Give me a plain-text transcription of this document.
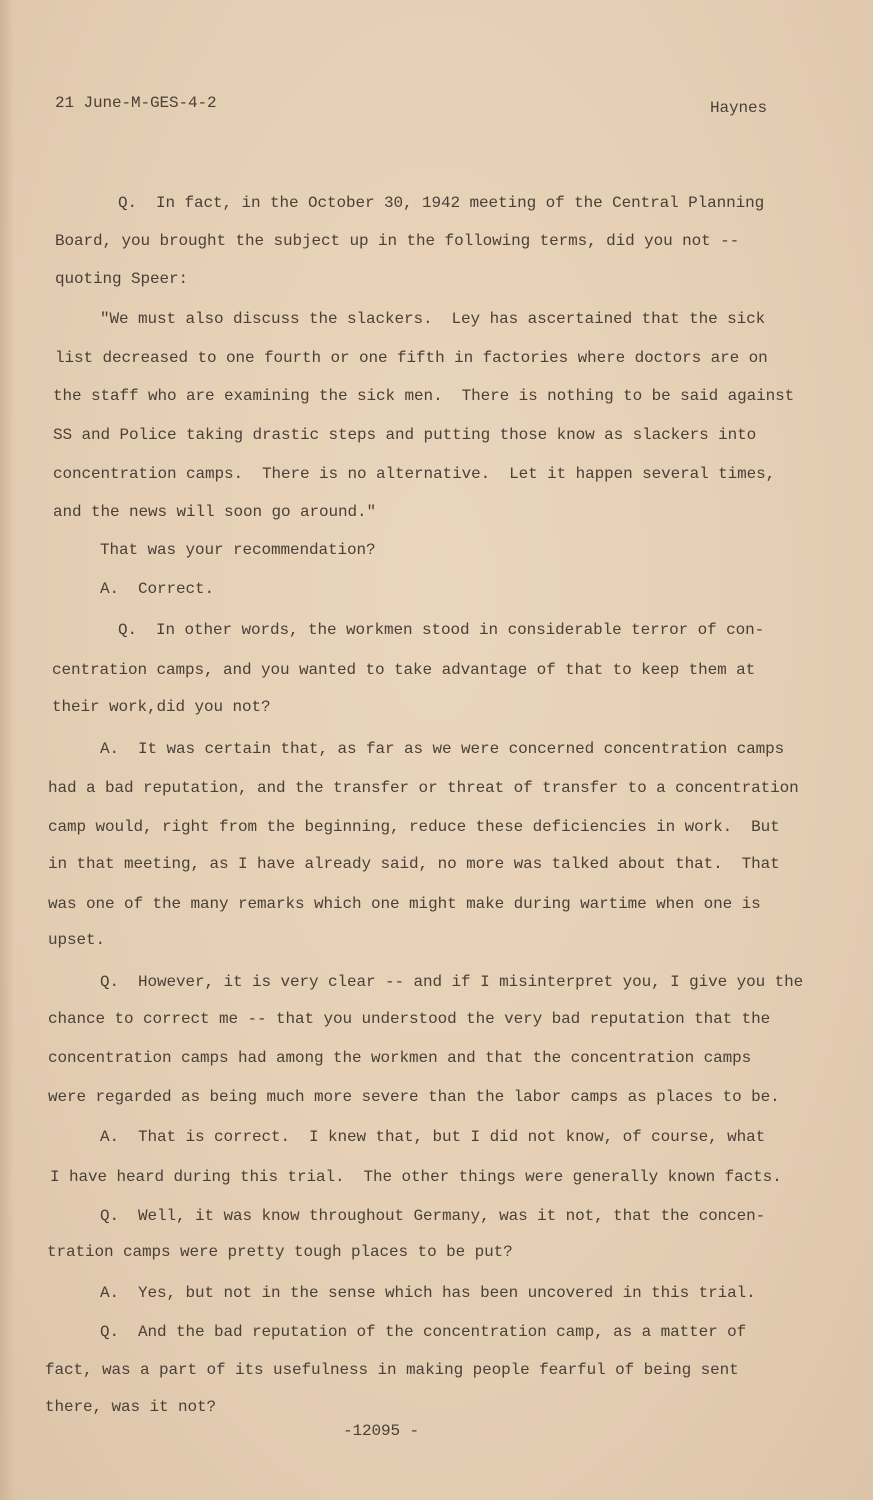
21 June-M-GES-4-2	Haynes
Q.  In fact, in the October 30, 1942 meeting of the Central Planning
Board, you brought the subject up in the following terms, did you not --
quoting Speer:
"We must also discuss the slackers.  Ley has ascertained that the sick
list decreased to one fourth or one fifth in factories where doctors are on
the staff who are examining the sick men.  There is nothing to be said against
SS and Police taking drastic steps and putting those know as slackers into
concentration camps.  There is no alternative.  Let it happen several times,
and the news will soon go around."
That was your recommendation?
A.  Correct.
Q.  In other words, the workmen stood in considerable terror of con-
centration camps, and you wanted to take advantage of that to keep them at
their work,did you not?
A.  It was certain that, as far as we were concerned concentration camps
had a bad reputation, and the transfer or threat of transfer to a concentration
camp would, right from the beginning, reduce these deficiencies in work.  But
in that meeting, as I have already said, no more was talked about that.  That
was one of the many remarks which one might make during wartime when one is
upset.
Q.  However, it is very clear -- and if I misinterpret you, I give you the
chance to correct me -- that you understood the very bad reputation that the
concentration camps had among the workmen and that the concentration camps
were regarded as being much more severe than the labor camps as places to be.
A.  That is correct.  I knew that, but I did not know, of course, what
I have heard during this trial.  The other things were generally known facts.
Q.  Well, it was know throughout Germany, was it not, that the concen-
tration camps were pretty tough places to be put?
A.  Yes, but not in the sense which has been uncovered in this trial.
Q.  And the bad reputation of the concentration camp, as a matter of
fact, was a part of its usefulness in making people fearful of being sent
there, was it not?
-12095 -
